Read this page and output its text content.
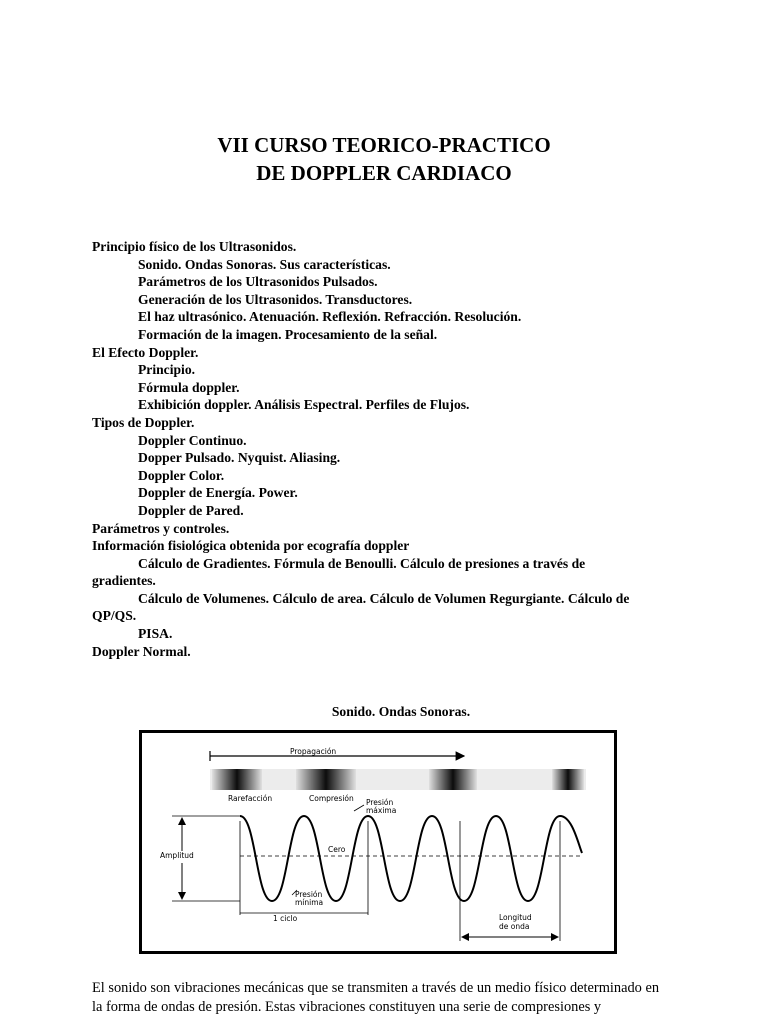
VII CURSO TEORICO-PRACTICO
DE DOPPLER CARDIACO
Principio físico de los Ultrasonidos.
Sonido. Ondas Sonoras. Sus características.
Parámetros de los Ultrasonidos Pulsados.
Generación de los Ultrasonidos. Transductores.
El haz ultrasónico. Atenuación. Reflexión. Refracción. Resolución.
Formación de la imagen. Procesamiento de la señal.
El Efecto Doppler.
Principio.
Fórmula doppler.
Exhibición doppler. Análisis Espectral. Perfiles de Flujos.
Tipos de Doppler.
Doppler Continuo.
Dopper Pulsado. Nyquist. Aliasing.
Doppler Color.
Doppler de Energía. Power.
Doppler de Pared.
Parámetros y controles.
Información fisiológica obtenida por ecografía doppler
Cálculo de Gradientes. Fórmula de Benoulli. Cálculo de presiones a través de
gradientes.
Cálculo de Volumenes. Cálculo de area. Cálculo de Volumen Regurgiante. Cálculo de
QP/QS.
PISA.
Doppler Normal.

Sonido. Ondas Sonoras.

Propagación
Rarefacción	Compresión Presión
máxima
Amplitud
Cero
Presión
mínima
1 ciclo	Longitud
de onda

El sonido son vibraciones mecánicas que se transmiten a través de un medio físico determinado en
la forma de ondas de presión. Estas vibraciones constituyen una serie de compresiones y
